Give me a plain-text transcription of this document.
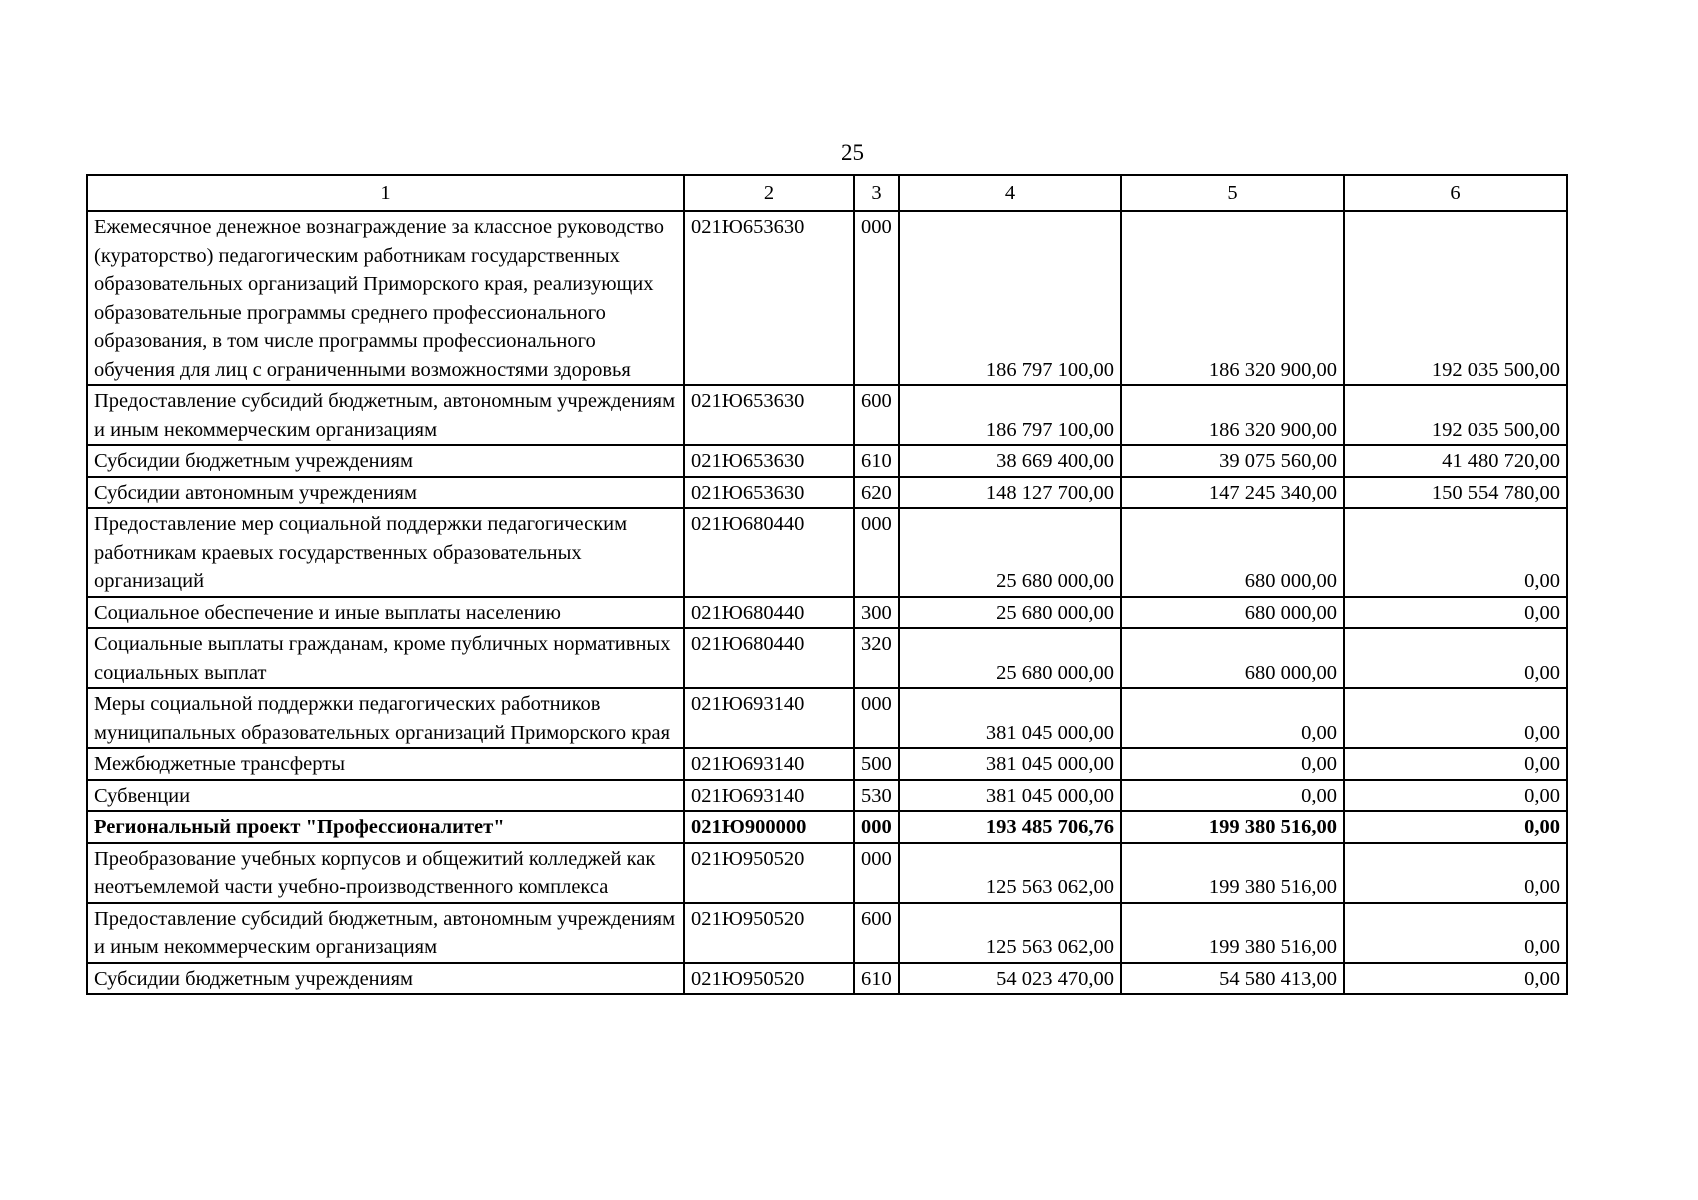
25
1	2	3	4	5	6
Ежемесячное денежное вознаграждение за классное руководство (кураторство) педагогическим работникам государственных образовательных организаций Приморского края, реализующих образовательные программы среднего профессионального образования, в том числе программы профессионального обучения для лиц с ограниченными возможностями здоровья	021Ю653630	000	186 797 100,00	186 320 900,00	192 035 500,00
Предоставление субсидий бюджетным, автономным учреждениям и иным некоммерческим организациям	021Ю653630	600	186 797 100,00	186 320 900,00	192 035 500,00
Субсидии бюджетным учреждениям	021Ю653630	610	38 669 400,00	39 075 560,00	41 480 720,00
Субсидии автономным учреждениям	021Ю653630	620	148 127 700,00	147 245 340,00	150 554 780,00
Предоставление мер социальной поддержки педагогическим работникам краевых государственных образовательных организаций	021Ю680440	000	25 680 000,00	680 000,00	0,00
Социальное обеспечение и иные выплаты населению	021Ю680440	300	25 680 000,00	680 000,00	0,00
Социальные выплаты гражданам, кроме публичных нормативных социальных выплат	021Ю680440	320	25 680 000,00	680 000,00	0,00
Меры социальной поддержки педагогических работников муниципальных образовательных организаций Приморского края	021Ю693140	000	381 045 000,00	0,00	0,00
Межбюджетные трансферты	021Ю693140	500	381 045 000,00	0,00	0,00
Субвенции	021Ю693140	530	381 045 000,00	0,00	0,00
Региональный проект "Профессионалитет"	021Ю900000	000	193 485 706,76	199 380 516,00	0,00
Преобразование учебных корпусов и общежитий колледжей как неотъемлемой части учебно-производственного комплекса	021Ю950520	000	125 563 062,00	199 380 516,00	0,00
Предоставление субсидий бюджетным, автономным учреждениям и иным некоммерческим организациям	021Ю950520	600	125 563 062,00	199 380 516,00	0,00
Субсидии бюджетным учреждениям	021Ю950520	610	54 023 470,00	54 580 413,00	0,00
